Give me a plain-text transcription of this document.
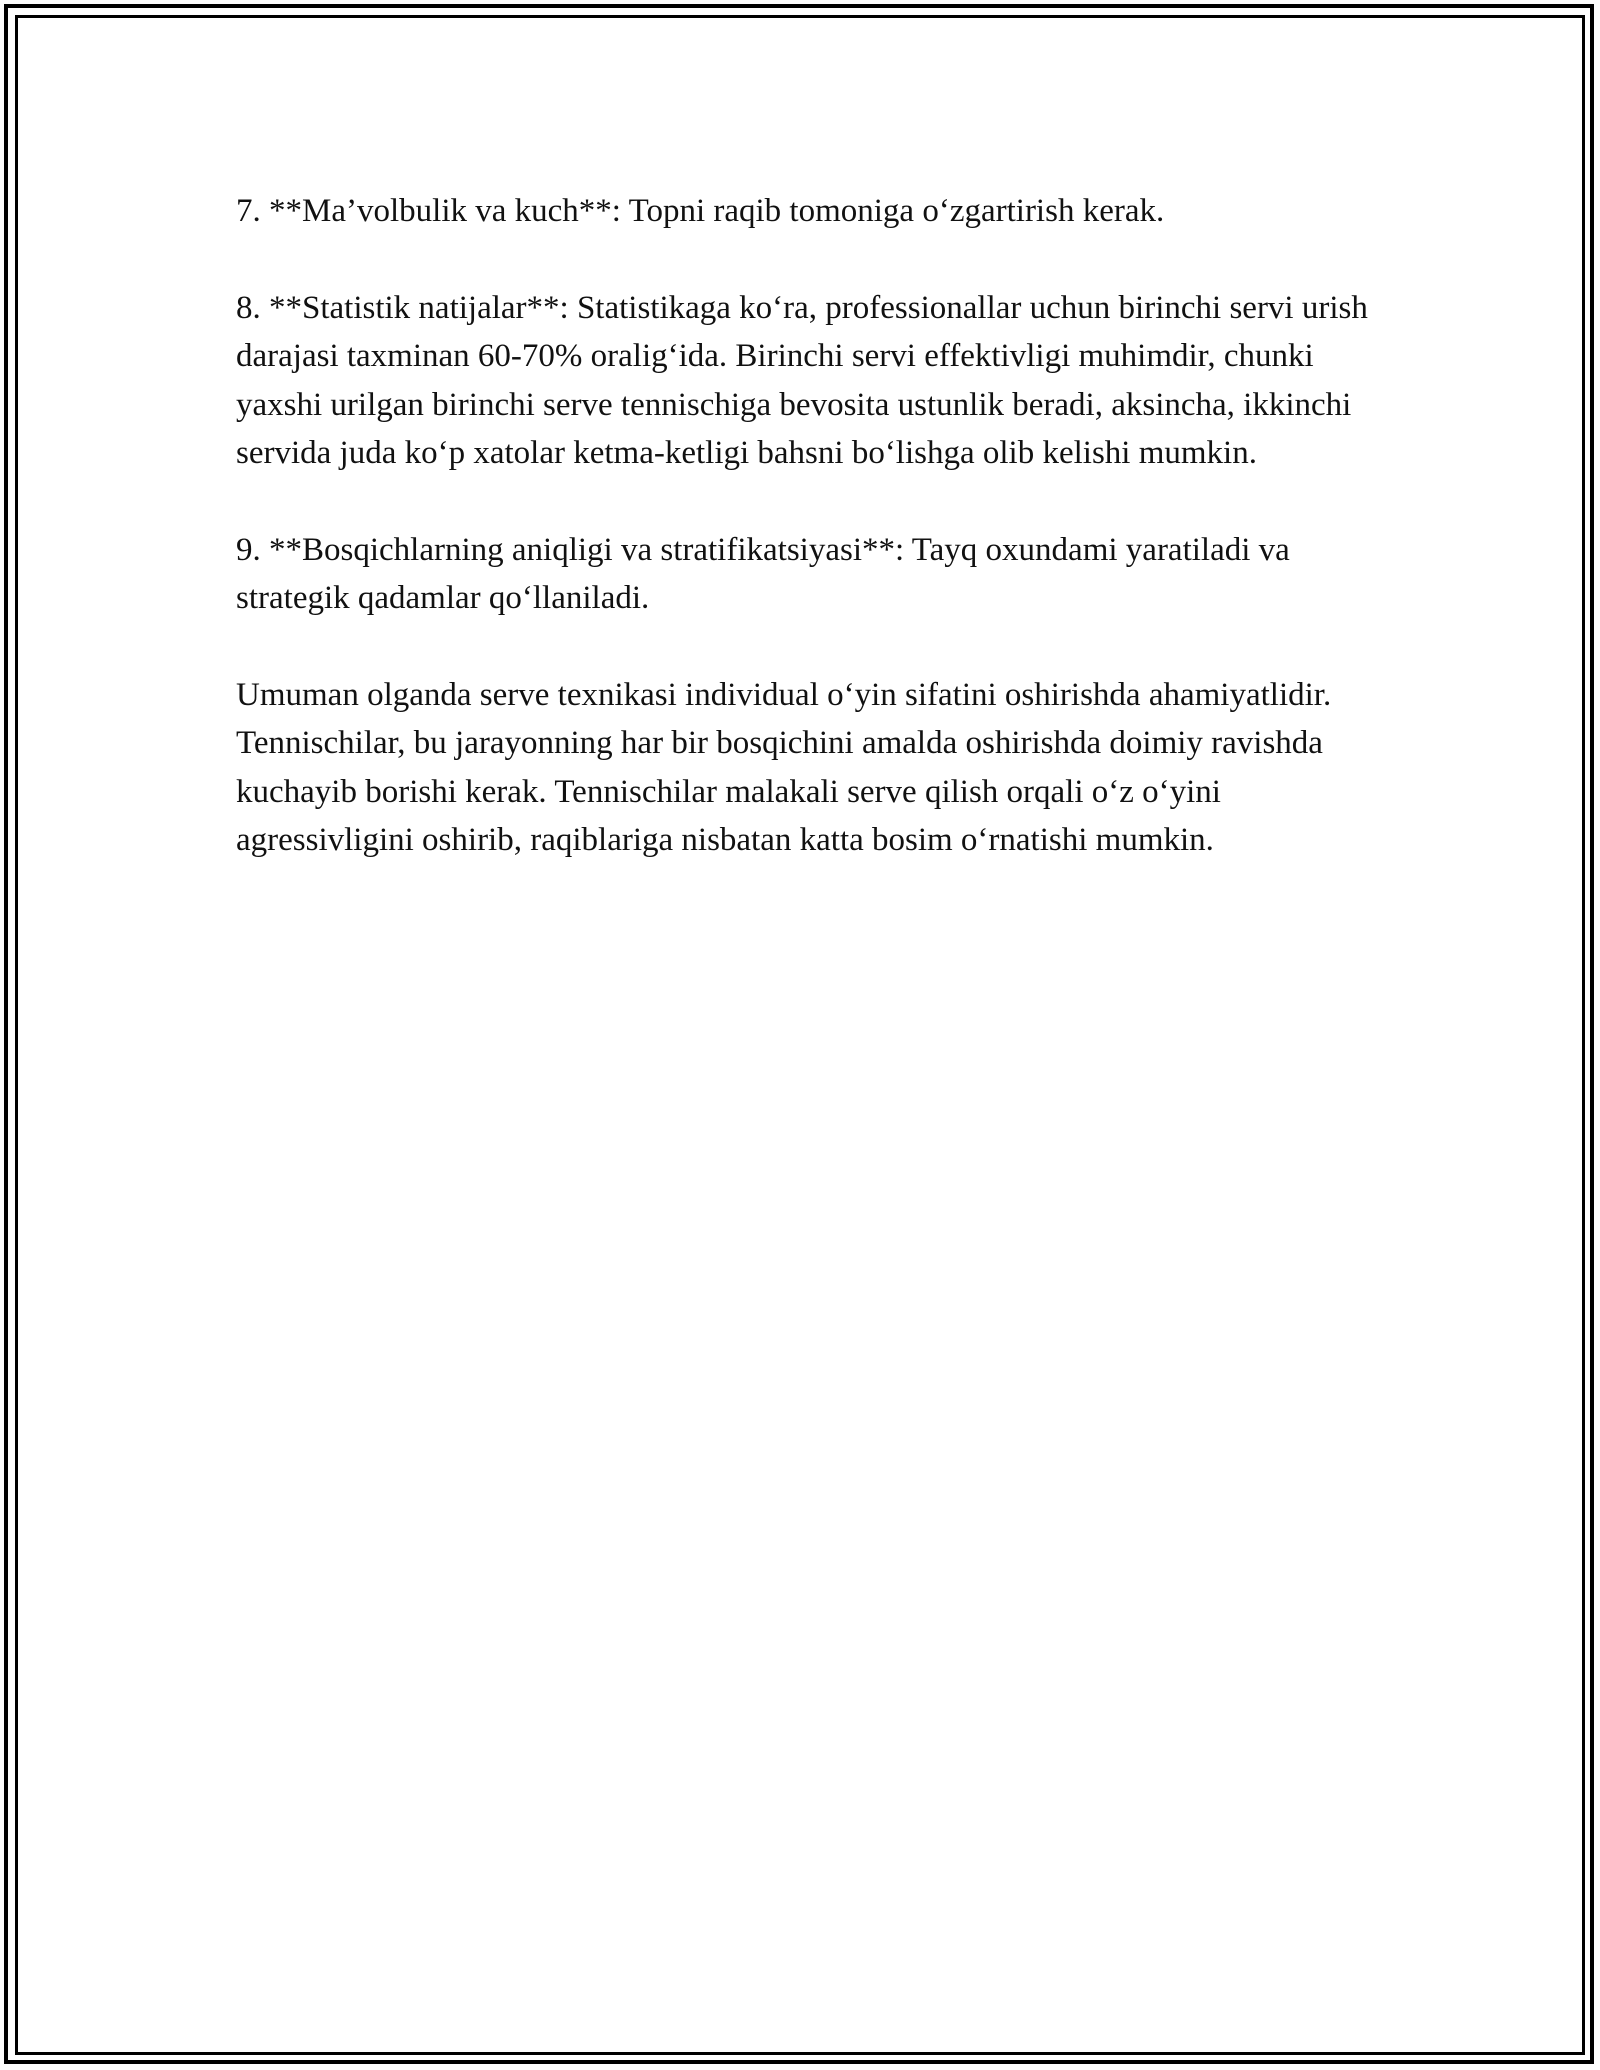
7. **Ma’volbulik va kuch**: Topni raqib tomoniga o‘zgartirish kerak.

8. **Statistik natijalar**: Statistikaga ko‘ra, professionallar uchun birinchi servi urish darajasi taxminan 60-70% oralig‘ida. Birinchi servi effektivligi muhimdir, chunki yaxshi urilgan birinchi serve tennischiga bevosita ustunlik beradi, aksincha, ikkinchi servida juda ko‘p xatolar ketma-ketligi bahsni bo‘lishga olib kelishi mumkin.

9. **Bosqichlarning aniqligi va stratifikatsiyasi**: Tayq oxundami yaratiladi va strategik qadamlar qo‘llaniladi.

Umuman olganda serve texnikasi individual o‘yin sifatini oshirishda ahamiyatlidir. Tennischilar, bu jarayonning har bir bosqichini amalda oshirishda doimiy ravishda kuchayib borishi kerak. Tennischilar malakali serve qilish orqali o‘z o‘yini agressivligini oshirib, raqiblariga nisbatan katta bosim o‘rnatishi mumkin.
